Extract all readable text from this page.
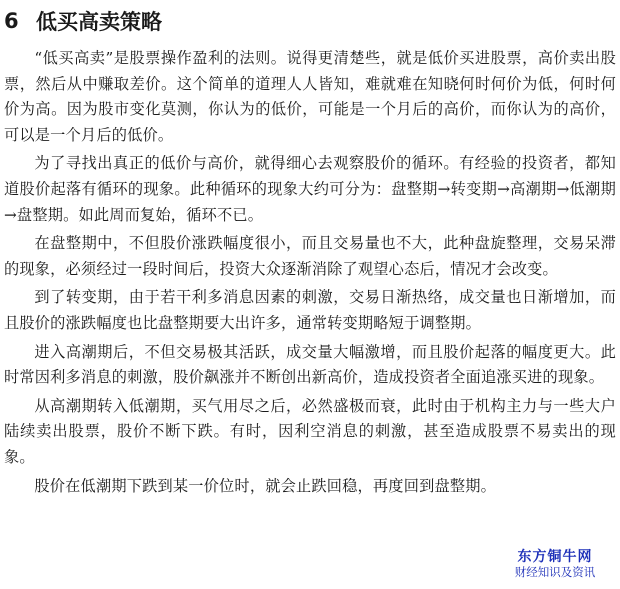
6 低买高卖策略

“低买高卖”是股票操作盈利的法则。说得更清楚些，就是低价买进股票，高价卖出股票，然后从中赚取差价。这个简单的道理人人皆知，难就难在知晓何时何价为低，何时何价为高。因为股市变化莫测，你认为的低价，可能是一个月后的高价，而你认为的高价，可以是一个月后的低价。

为了寻找出真正的低价与高价，就得细心去观察股价的循环。有经验的投资者，都知道股价起落有循环的现象。此种循环的现象大约可分为：盘整期→转变期→高潮期→低潮期→盘整期。如此周而复始，循环不已。

在盘整期中，不但股价涨跌幅度很小，而且交易量也不大，此种盘旋整理，交易呆滞的现象，必须经过一段时间后，投资大众逐渐消除了观望心态后，情况才会改变。

到了转变期，由于若干利多消息因素的刺激，交易日渐热络，成交量也日渐增加，而且股价的涨跌幅度也比盘整期要大出许多，通常转变期略短于调整期。

进入高潮期后，不但交易极其活跃，成交量大幅激增，而且股价起落的幅度更大。此时常因利多消息的刺激，股价飙涨并不断创出新高价，造成投资者全面追涨买进的现象。

从高潮期转入低潮期，买气用尽之后，必然盛极而衰，此时由于机构主力与一些大户陆续卖出股票，股价不断下跌。有时，因利空消息的刺激，甚至造成股票不易卖出的现象。

股价在低潮期下跌到某一价位时，就会止跌回稳，再度回到盘整期。

东方铜牛网
财经知识及资讯
